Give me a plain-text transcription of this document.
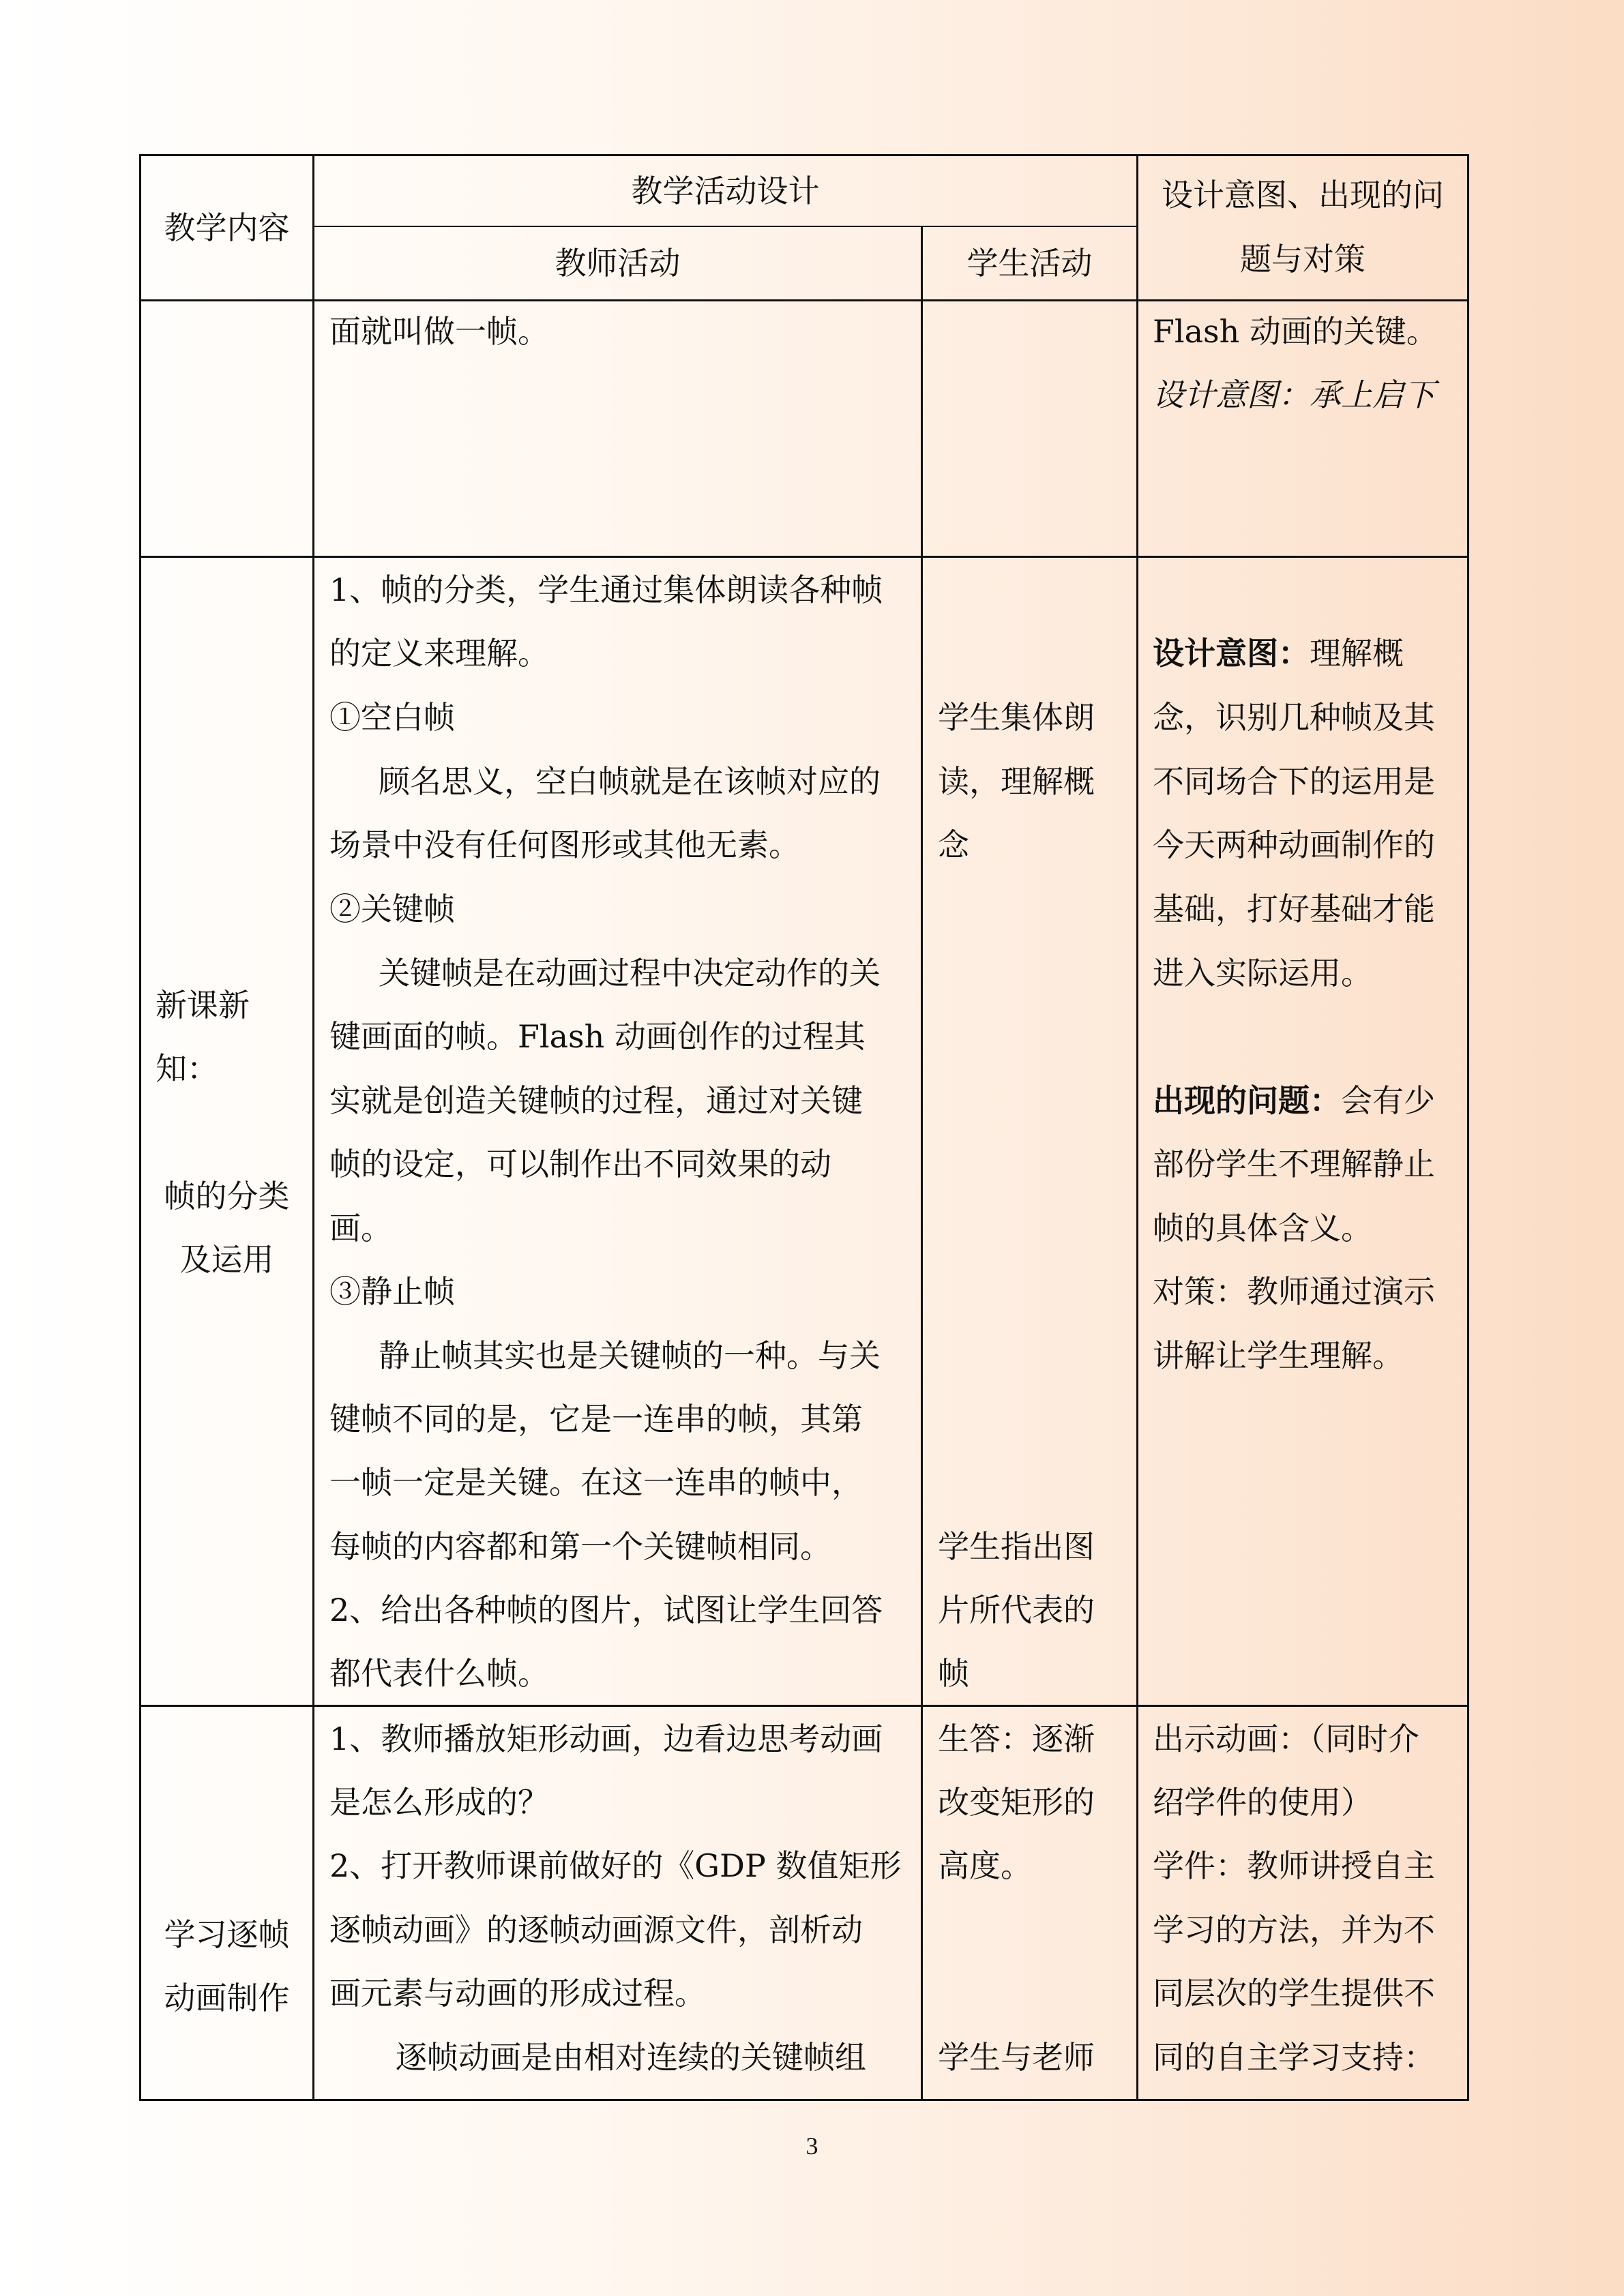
教学内容
教学活动设计
教师活动	学生活动
设计意图、出现的问
题与对策
面就叫做一帧。	Flash 动画的关键。
设计意图：承上启下
新课新
知：
帧的分类
及运用
1、帧的分类，学生通过集体朗读各种帧
的定义来理解。
①空白帧
顾名思义，空白帧就是在该帧对应的
场景中没有任何图形或其他无素。
②关键帧
关键帧是在动画过程中决定动作的关
键画面的帧。Flash 动画创作的过程其
实就是创造关键帧的过程，通过对关键
帧的设定，可以制作出不同效果的动
画。
③静止帧
静止帧其实也是关键帧的一种。与关
键帧不同的是，它是一连串的帧，其第
一帧一定是关键。在这一连串的帧中，
每帧的内容都和第一个关键帧相同。
2、给出各种帧的图片，试图让学生回答
都代表什么帧。
学生集体朗
读，理解概
念
学生指出图
片所代表的
帧
设计意图：理解概
念，识别几种帧及其
不同场合下的运用是
今天两种动画制作的
基础，打好基础才能
进入实际运用。
出现的问题：会有少
部份学生不理解静止
帧的具体含义。
对策：教师通过演示
讲解让学生理解。
学习逐帧
动画制作
1、教师播放矩形动画，边看边思考动画
是怎么形成的？
2、打开教师课前做好的《GDP 数值矩形
逐帧动画》的逐帧动画源文件，剖析动
画元素与动画的形成过程。
逐帧动画是由相对连续的关键帧组
生答：逐渐
改变矩形的
高度。
学生与老师
出示动画：（同时介
绍学件的使用）
学件：教师讲授自主
学习的方法，并为不
同层次的学生提供不
同的自主学习支持：
3
